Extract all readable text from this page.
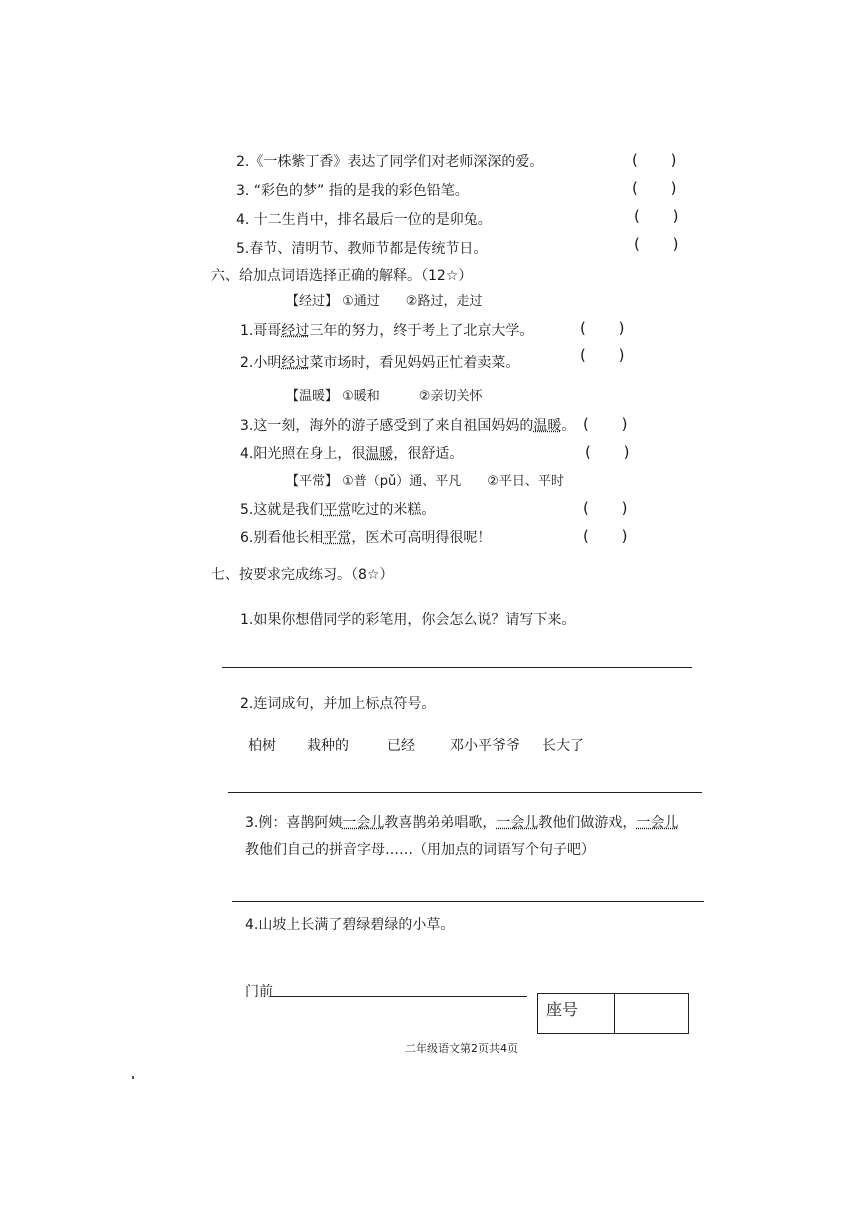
2.《一株紫丁香》表达了同学们对老师深深的爱。	( )
3. “彩色的梦” 指的是我的彩色铅笔。	( )
4. 十二生肖中，排名最后一位的是卯兔。	( )
5.春节、清明节、教师节都是传统节日。	( )
六、给加点词语选择正确的解释。（12☆）
【经过】 ①通过　　②路过，走过
1.哥哥经过三年的努力，终于考上了北京大学。	( )
2.小明经过菜市场时，看见妈妈正忙着卖菜。	( )
【温暖】 ①暖和　　　②亲切关怀
3.这一刻，海外的游子感受到了来自祖国妈妈的温暖。 ( )
4.阳光照在身上，很温暖，很舒适。	( )
【平常】 ①普（pǔ）通、平凡　　②平日、平时
5.这就是我们平常吃过的米糕。	( )
6.别看他长相平常，医术可高明得很呢！	( )
七、按要求完成练习。（8☆）
1.如果你想借同学的彩笔用，你会怎么说？请写下来。
2.连词成句，并加上标点符号。
柏树 栽种的	已经	邓小平爷爷 长大了
3.例：喜鹊阿姨一会儿教喜鹊弟弟唱歌，一会儿教他们做游戏，一会儿
教他们自己的拼音字母……（用加点的词语写个句子吧）
4.山坡上长满了碧绿碧绿的小草。
门前
座号
二年级语文第2页共4页
